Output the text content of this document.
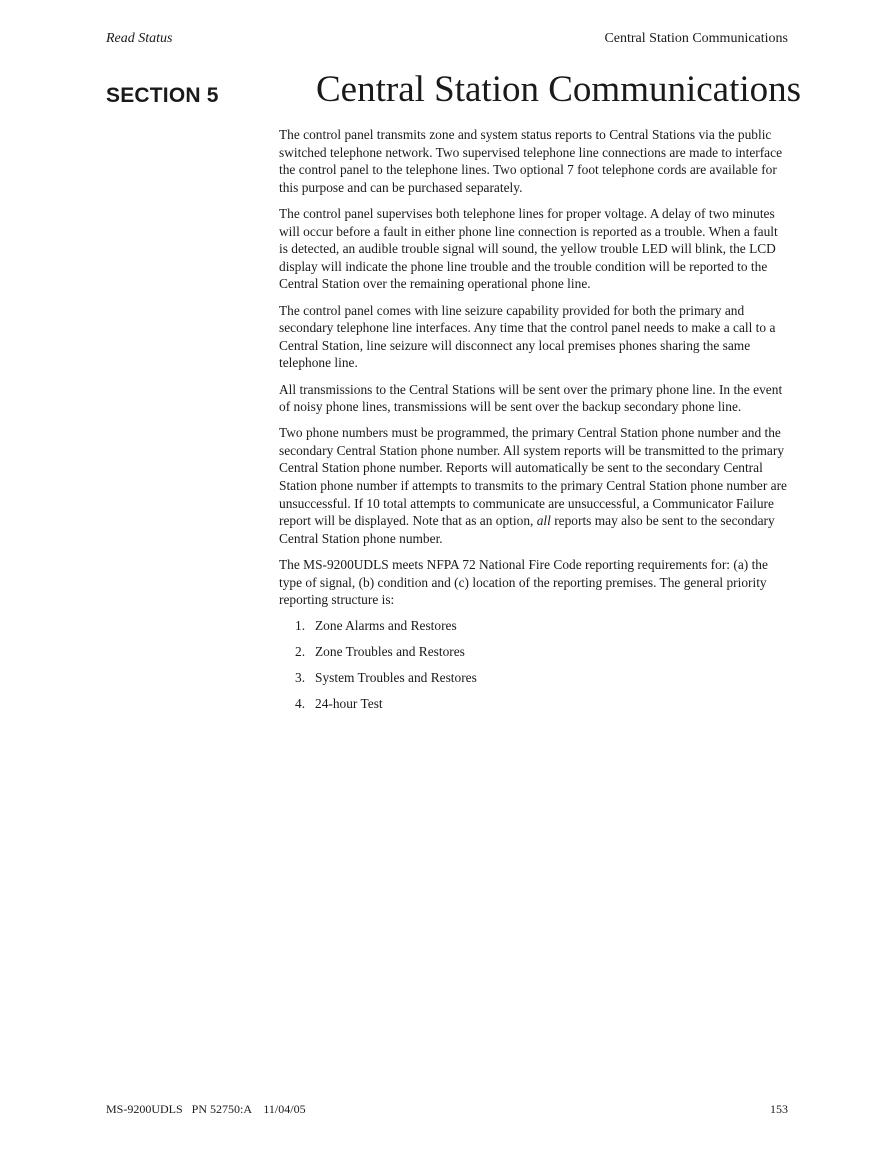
Read Status	Central Station Communications
SECTION 5	Central Station Communications

The control panel transmits zone and system status reports to Central Stations via the public switched telephone network. Two supervised telephone line connections are made to interface the control panel to the telephone lines. Two optional 7 foot telephone cords are available for this purpose and can be purchased separately.

The control panel supervises both telephone lines for proper voltage. A delay of two minutes will occur before a fault in either phone line connection is reported as a trouble. When a fault is detected, an audible trouble signal will sound, the yellow trouble LED will blink, the LCD display will indicate the phone line trouble and the trouble condition will be reported to the Central Station over the remaining operational phone line.

The control panel comes with line seizure capability provided for both the primary and secondary telephone line interfaces. Any time that the control panel needs to make a call to a Central Station, line seizure will disconnect any local premises phones sharing the same telephone line.

All transmissions to the Central Stations will be sent over the primary phone line. In the event of noisy phone lines, transmissions will be sent over the backup secondary phone line.

Two phone numbers must be programmed, the primary Central Station phone number and the secondary Central Station phone number. All system reports will be transmitted to the primary Central Station phone number. Reports will automatically be sent to the secondary Central Station phone number if attempts to transmits to the primary Central Station phone number are unsuccessful. If 10 total attempts to communicate are unsuccessful, a Communicator Failure report will be displayed. Note that as an option, all reports may also be sent to the secondary Central Station phone number.

The MS-9200UDLS meets NFPA 72 National Fire Code reporting requirements for: (a) the type of signal, (b) condition and (c) location of the reporting premises. The general priority reporting structure is:

1. Zone Alarms and Restores
2. Zone Troubles and Restores
3. System Troubles and Restores
4. 24-hour Test
MS-9200UDLS   PN 52750:A    11/04/05	153
